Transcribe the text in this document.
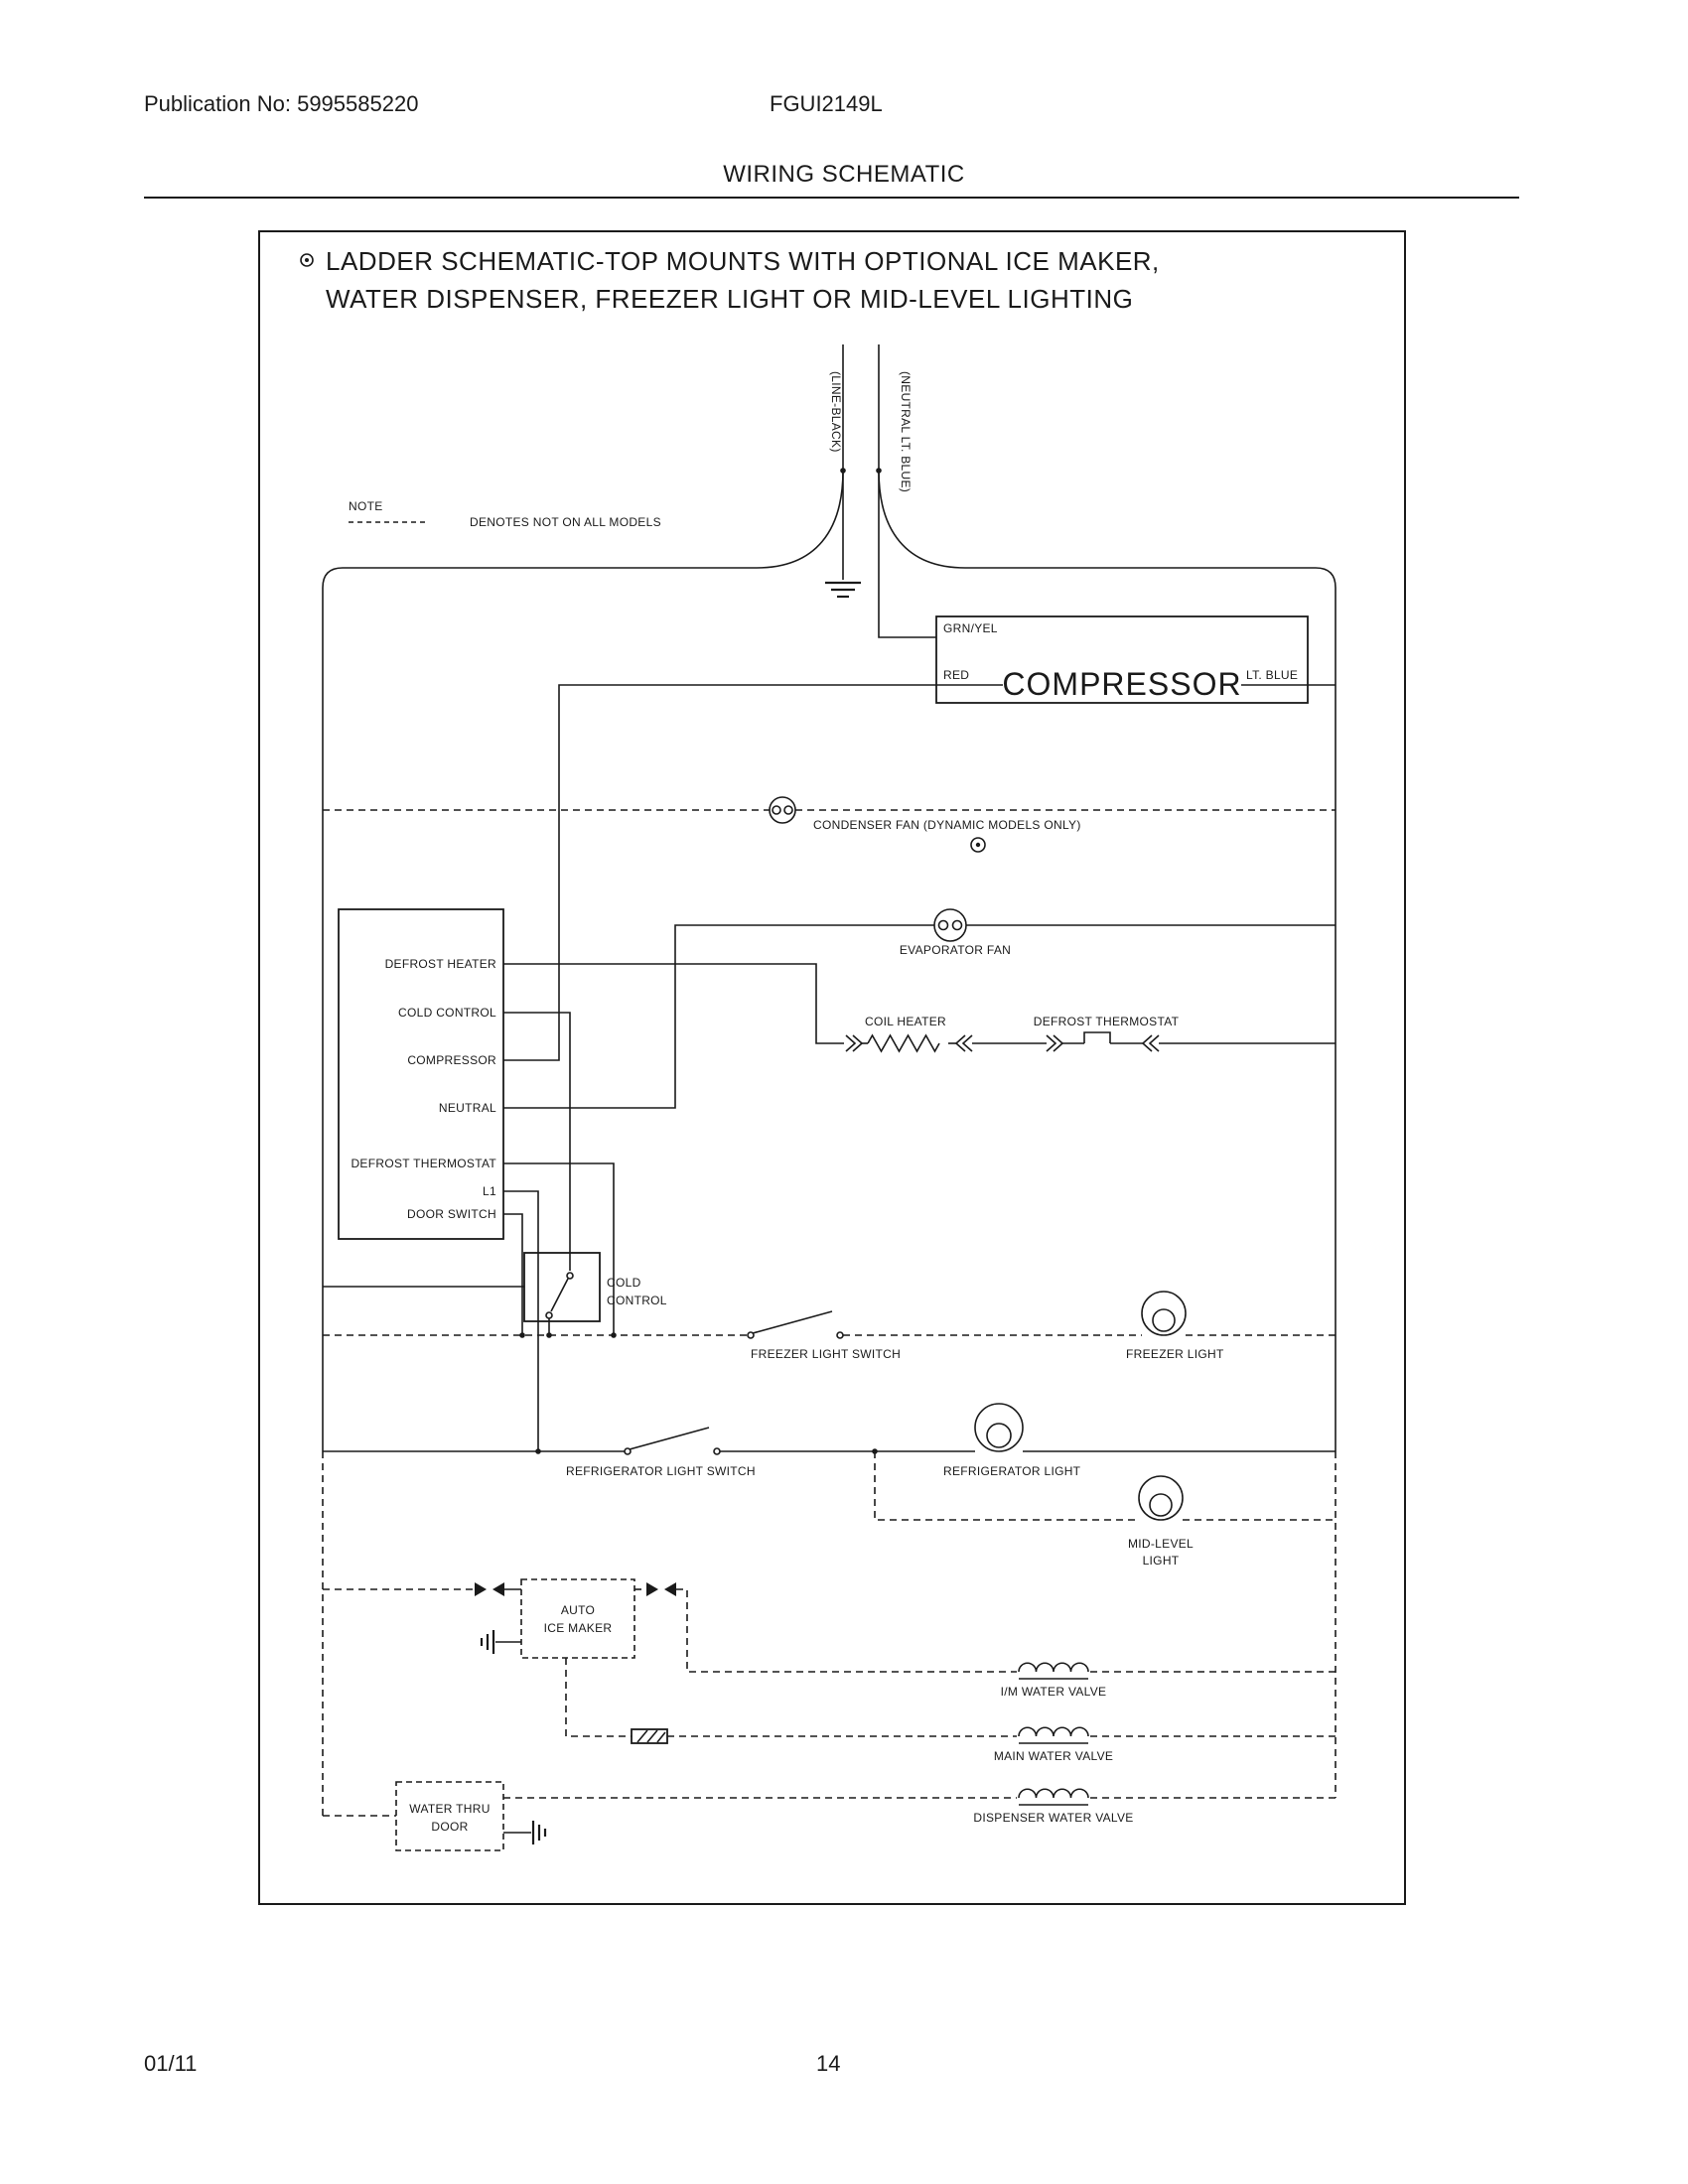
Publication No: 5995585220	FGUI2149L
WIRING SCHEMATIC
LADDER SCHEMATIC-TOP MOUNTS WITH OPTIONAL ICE MAKER,
WATER DISPENSER, FREEZER LIGHT OR MID-LEVEL LIGHTING
NOTE
DENOTES NOT ON ALL MODELS
(LINE-BLACK)	(NEUTRAL LT. BLUE)
GRN/YEL
RED COMPRESSOR LT. BLUE
CONDENSER FAN (DYNAMIC MODELS ONLY)
EVAPORATOR FAN
COIL HEATER	DEFROST THERMOSTAT
DEFROST HEATER
COLD CONTROL
COMPRESSOR
NEUTRAL
DEFROST THERMOSTAT
L1
DOOR SWITCH
COLD
CONTROL
FREEZER LIGHT SWITCH	FREEZER LIGHT
REFRIGERATOR LIGHT SWITCH	REFRIGERATOR LIGHT
MID-LEVEL
LIGHT
AUTO
ICE MAKER
I/M WATER VALVE
MAIN WATER VALVE
WATER THRU
DOOR
DISPENSER WATER VALVE
01/11	14
